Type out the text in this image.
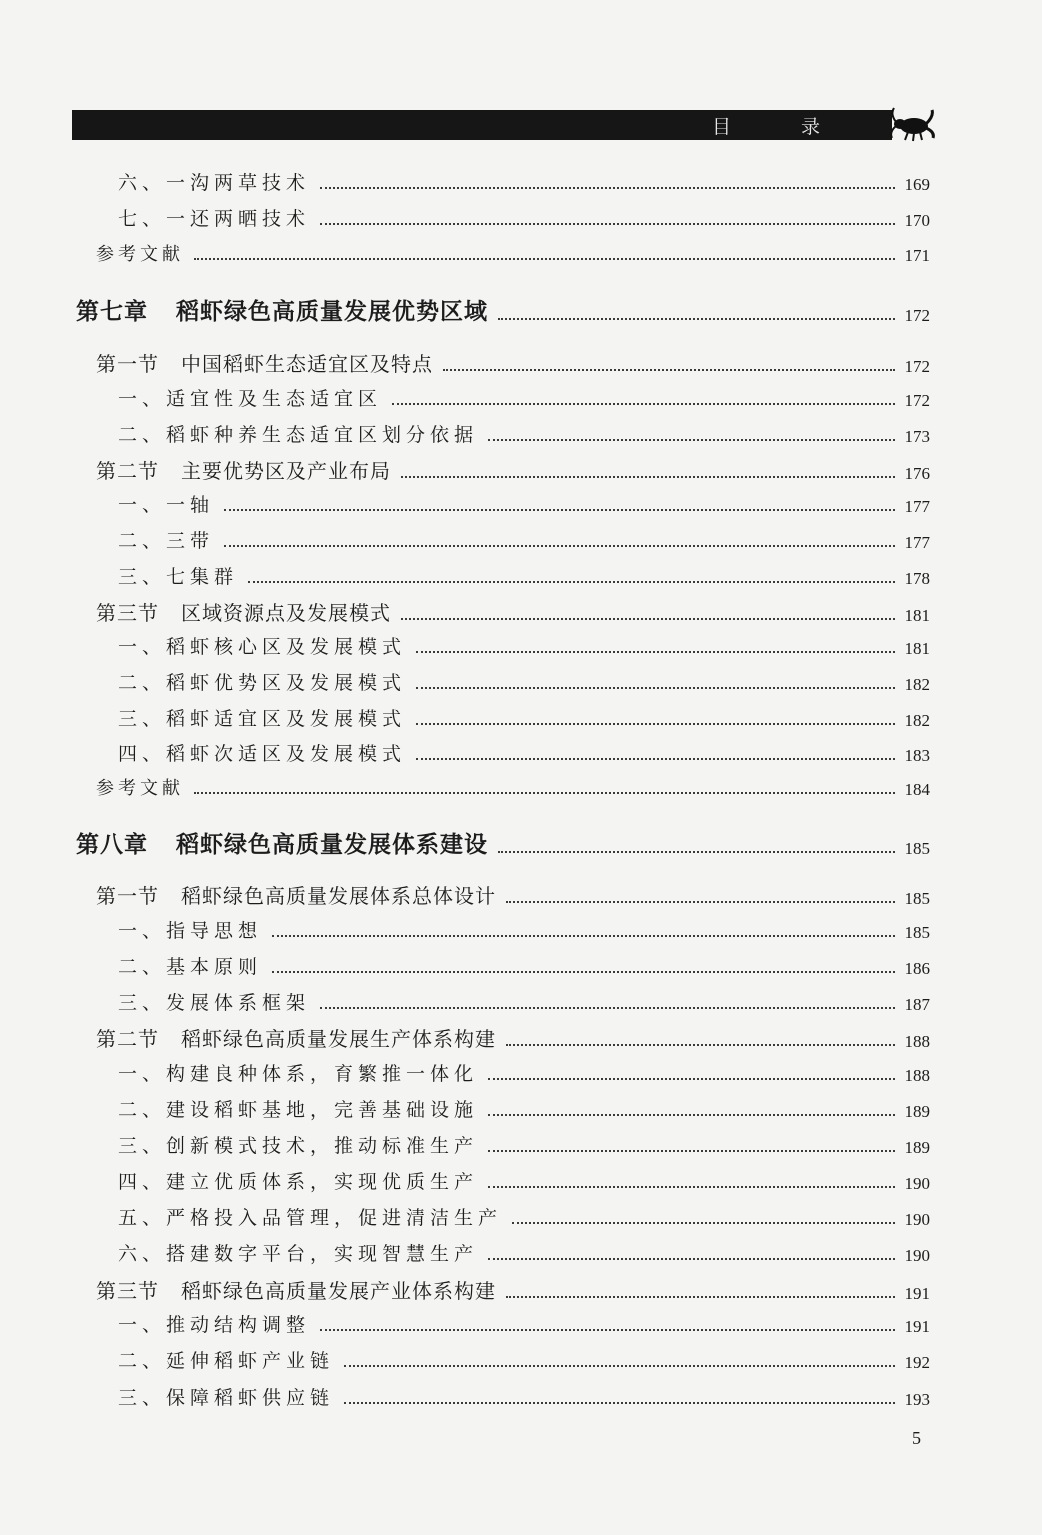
目 录
六、一沟两草技术	169
七、一还两晒技术	170
参考文献	171
第七章 稻虾绿色高质量发展优势区域	172
第一节 中国稻虾生态适宜区及特点	172
一、适宜性及生态适宜区	172
二、稻虾种养生态适宜区划分依据	173
第二节 主要优势区及产业布局	176
一、一轴	177
二、三带	177
三、七集群	178
第三节 区域资源点及发展模式	181
一、稻虾核心区及发展模式	181
二、稻虾优势区及发展模式	182
三、稻虾适宜区及发展模式	182
四、稻虾次适区及发展模式	183
参考文献	184
第八章 稻虾绿色高质量发展体系建设	185
第一节 稻虾绿色高质量发展体系总体设计	185
一、指导思想	185
二、基本原则	186
三、发展体系框架	187
第二节 稻虾绿色高质量发展生产体系构建	188
一、构建良种体系，育繁推一体化	188
二、建设稻虾基地，完善基础设施	189
三、创新模式技术，推动标准生产	189
四、建立优质体系，实现优质生产	190
五、严格投入品管理，促进清洁生产	190
六、搭建数字平台，实现智慧生产	190
第三节 稻虾绿色高质量发展产业体系构建	191
一、推动结构调整	191
二、延伸稻虾产业链	192
三、保障稻虾供应链	193
5
